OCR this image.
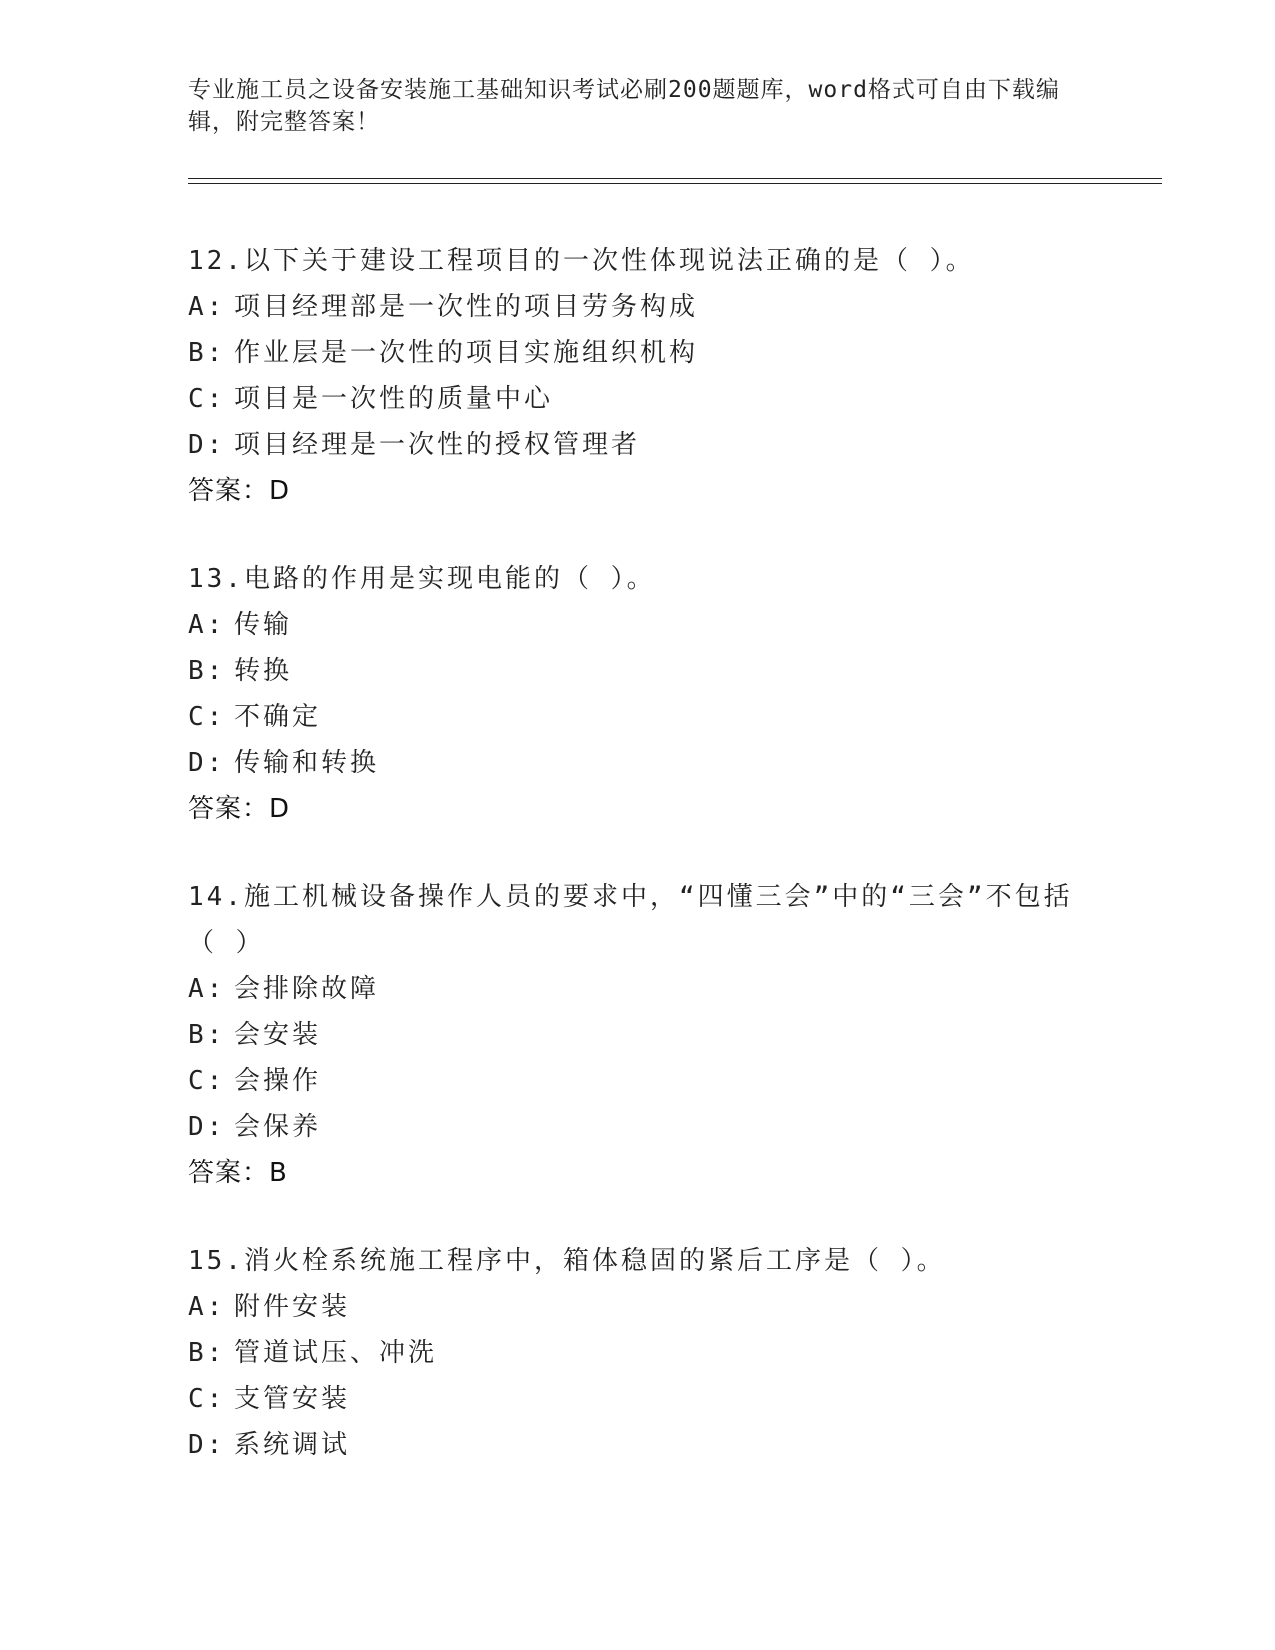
专业施工员之设备安装施工基础知识考试必刷200题题库，word格式可自由下载编辑，附完整答案！
12.以下关于建设工程项目的一次性体现说法正确的是（ ）。
A: 项目经理部是一次性的项目劳务构成
B: 作业层是一次性的项目实施组织机构
C: 项目是一次性的质量中心
D: 项目经理是一次性的授权管理者
答案：D
13.电路的作用是实现电能的（ ）。
A: 传输
B: 转换
C: 不确定
D: 传输和转换
答案：D
14.施工机械设备操作人员的要求中，“四懂三会”中的“三会”不包括（ ）
A: 会排除故障
B: 会安装
C: 会操作
D: 会保养
答案：B
15.消火栓系统施工程序中，箱体稳固的紧后工序是（ ）。
A: 附件安装
B: 管道试压、冲洗
C: 支管安装
D: 系统调试
